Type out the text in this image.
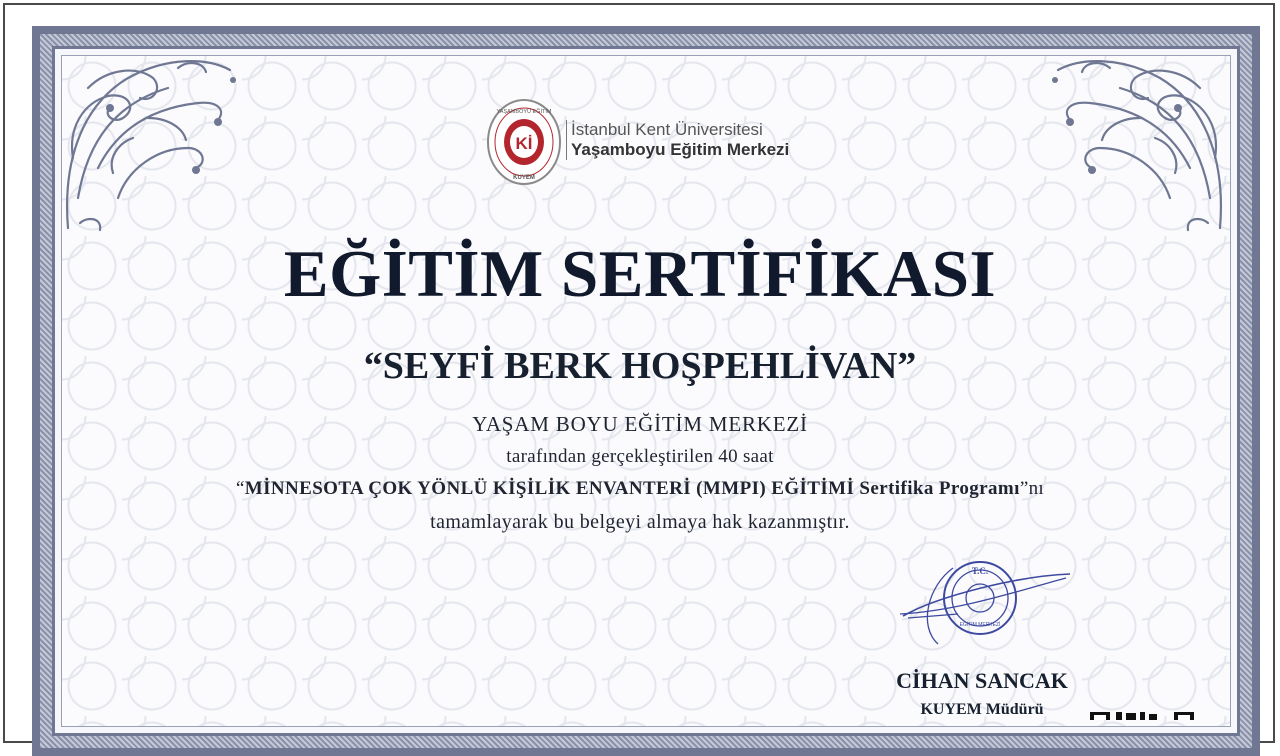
Kİ
YAŞAMBOYU EĞİTİM
KUYEM
İstanbul Kent Üniversitesi
Yaşamboyu Eğitim Merkezi
EĞİTİM SERTİFİKASI
“SEYFİ BERK HOŞPEHLİVAN”
YAŞAM BOYU EĞİTİM MERKEZİ
tarafından gerçekleştirilen 40 saat
“MİNNESOTA ÇOK YÖNLÜ KİŞİLİK ENVANTERİ (MMPI) EĞİTİMİ Sertifika Programı”nı
tamamlayarak bu belgeyi almaya hak kazanmıştır.
T.C.
EĞİTİM MERKEZİ
CİHAN SANCAK
KUYEM Müdürü
